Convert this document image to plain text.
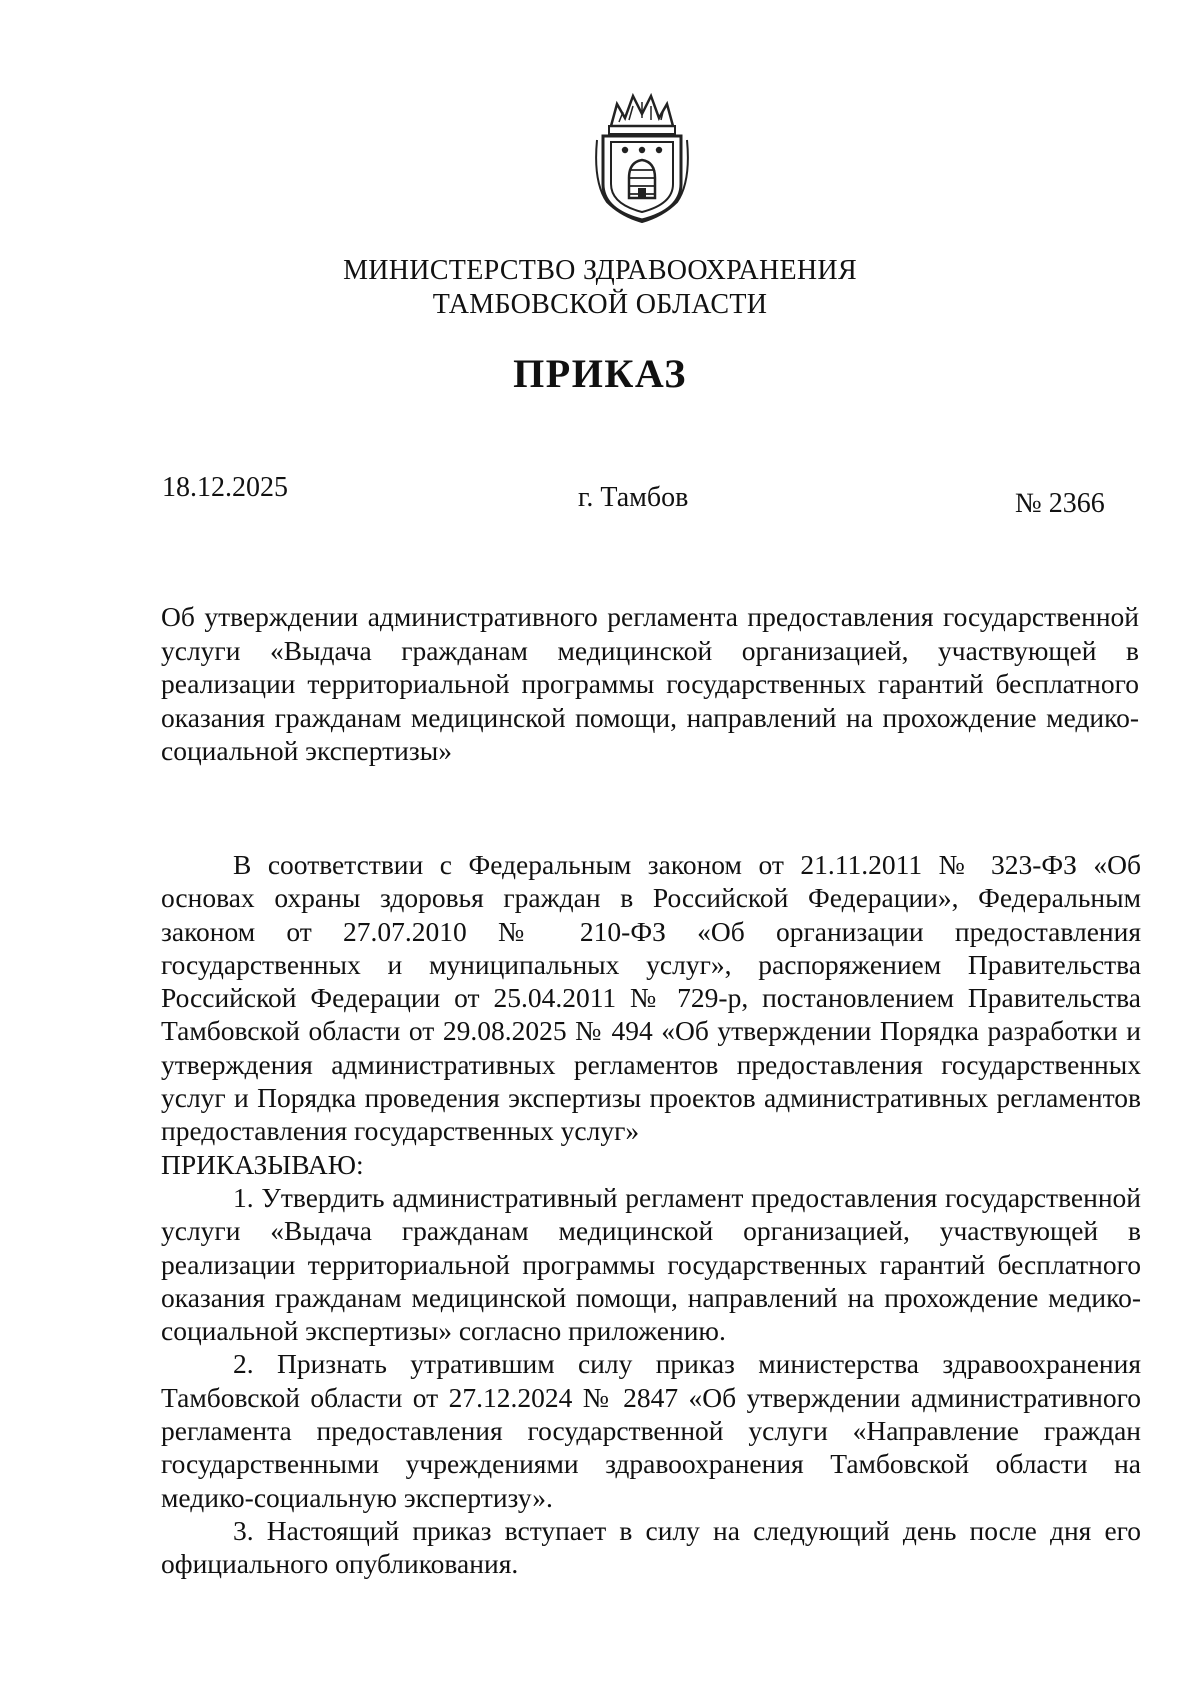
МИНИСТЕРСТВО ЗДРАВООХРАНЕНИЯ
ТАМБОВСКОЙ ОБЛАСТИ
ПРИКАЗ
18.12.2025	г. Тамбов	№ 2366
Об утверждении административного регламента предоставления государственной услуги «Выдача гражданам медицинской организацией, участвующей в реализации территориальной программы государственных гарантий бесплатного оказания гражданам медицинской помощи, направлений на прохождение медико-социальной экспертизы»

В соответствии с Федеральным законом от 21.11.2011 № 323-ФЗ «Об основах охраны здоровья граждан в Российской Федерации», Федеральным законом от 27.07.2010 № 210-ФЗ «Об организации предоставления государственных и муниципальных услуг», распоряжением Правительства Российской Федерации от 25.04.2011 № 729-р, постановлением Правительства Тамбовской области от 29.08.2025 № 494 «Об утверждении Порядка разработки и утверждения административных регламентов предоставления государственных услуг и Порядка проведения экспертизы проектов административных регламентов предоставления государственных услуг»

ПРИКАЗЫВАЮ:

1. Утвердить административный регламент предоставления государственной услуги «Выдача гражданам медицинской организацией, участвующей в реализации территориальной программы государственных гарантий бесплатного оказания гражданам медицинской помощи, направлений на прохождение медико-социальной экспертизы» согласно приложению.

2. Признать утратившим силу приказ министерства здравоохранения Тамбовской области от 27.12.2024 № 2847 «Об утверждении административного регламента предоставления государственной услуги «Направление граждан государственными учреждениями здравоохранения Тамбовской области на медико-социальную экспертизу».

3. Настоящий приказ вступает в силу на следующий день после дня его официального опубликования.
